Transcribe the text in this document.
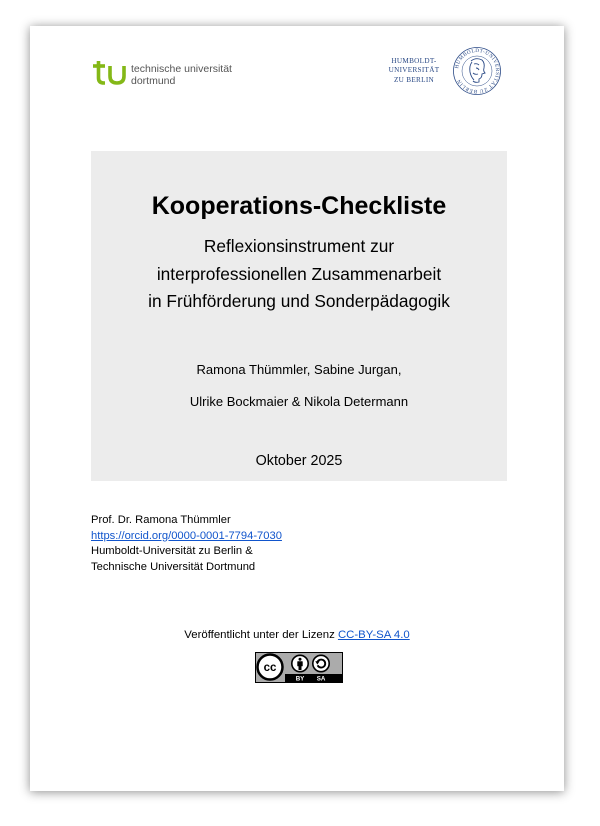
technische universität
dortmund
HUMBOLDT-
UNIVERSITÄT
ZU BERLIN
HUMBOLDT-UNIVERSITÄT ZU BERLIN
Kooperations-Checkliste
Reflexionsinstrument zur
interprofessionellen Zusammenarbeit
in Frühförderung und Sonderpädagogik
Ramona Thümmler, Sabine Jurgan,
Ulrike Bockmaier & Nikola Determann
Oktober 2025
Prof. Dr. Ramona Thümmler
https://orcid.org/0000-0001-7794-7030
Humboldt-Universität zu Berlin &
Technische Universität Dortmund
Veröffentlicht unter der Lizenz CC-BY-SA 4.0
cc
BY SA
